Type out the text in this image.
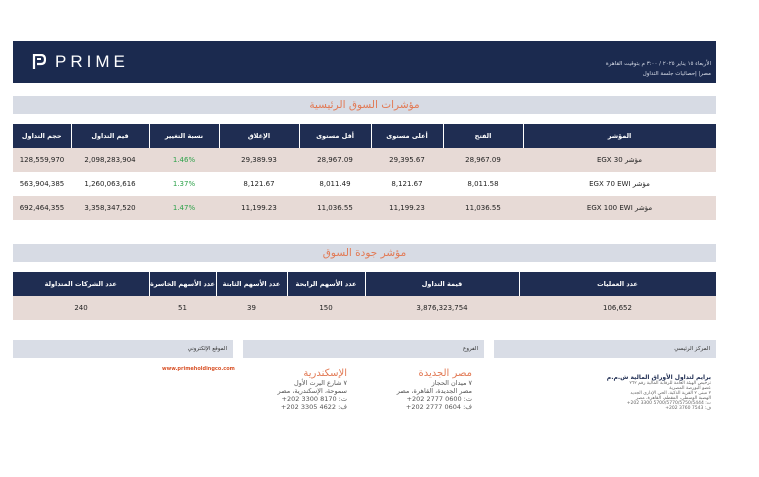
PRIME	الأربعاء ١٥ يناير ٢٠٢٥ / ٣:٠٠ م بتوقيت القاهرة
مصر| إحصائيات جلسة التداول
مؤشرات السوق الرئيسية
حجم التداول	قيم التداول	نسبة التغيير	الإغلاق	أقل مستوى	أعلى مستوى	الفتح	المؤشر
128,559,970	2,098,283,904	1.46%	29,389.93	28,967.09	29,395.67	28,967.09	مؤشر EGX 30
563,904,385	1,260,063,616	1.37%	8,121.67	8,011.49	8,121.67	8,011.58	مؤشر EGX 70 EWI
692,464,355	3,358,347,520	1.47%	11,199.23	11,036.55	11,199.23	11,036.55	مؤشر EGX 100 EWI
مؤشر جودة السوق
عدد الشركات المتداولة	عدد الأسهم الخاسرة	عدد الأسهم الثابتة	عدد الأسهم الرابحة	قيمة التداول	عدد العمليات
240	51	39	150	3,876,323,754	106,652
الموقع الإلكتروني	الفروع	المركز الرئيسي
www.primeholdingco.com	الإسكندرية
٧ شارع اليرت الأول
سموحة، الإسكندرية، مصر
ت: 8170 3300 202+
ف: 4622 3305 202+
مصر الجديدة
٧ ميدان الحجاز
مصر الجديدة، القاهرة، مصر
ت: 0600 2777 202+
ف: 0604 2777 202+
برايم لتداول الأوراق المالية ش.م.م
ترخيص الهيئة العامة للرقابة المالية رقم ٢٦٢
عضو البورصة المصرية
٢ مبنى ٢ القرية الذكية، الحي الإداري الجديد
الهضبة الوسطى، المقطم، القاهرة، مصر
ت: 5700/5770/5750/5444 3300 202+
ف: 7543 3760 202+
